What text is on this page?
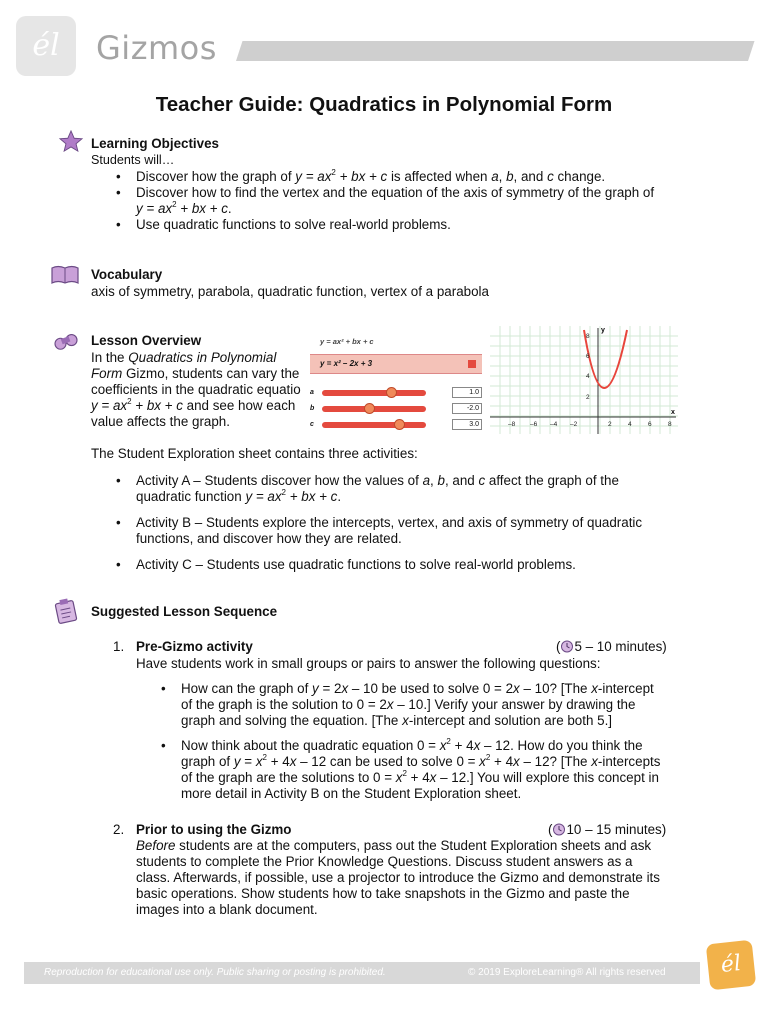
él	Gizmos
Teacher Guide: Quadratics in Polynomial Form
Learning Objectives
Students will…
• Discover how the graph of $y = ax^2$ + bx + c is affected when a, b, and c change.
• Discover how to find the vertex and the equation of the axis of symmetry of the graph of
$y = ax^2$ + bx + c.
• Use quadratic functions to solve real-world problems.
Vocabulary
axis of symmetry, parabola, quadratic function, vertex of a parabola
Lesson Overview
In the Quadratics in Polynomial
Form Gizmo, students can vary the
coefficients in the quadratic equatio
$y = ax^2$ + bx + c and see how each
value affects the graph.
y = ax² + bx + c
y = x² – 2x + 3
a	1.0
b	-2.0
c	3.0
y
x
8
6
4
2
–8 –6 –4 –2	2	4	6	8
The Student Exploration sheet contains three activities:
• Activity A – Students discover how the values of a, b, and c affect the graph of the
quadratic function $y = ax^2$ + bx + c.
• Activity B – Students explore the intercepts, vertex, and axis of symmetry of quadratic
functions, and discover how they are related.
• Activity C – Students use quadratic functions to solve real-world problems.
Suggested Lesson Sequence
1. Pre-Gizmo activity	( 5 – 10 minutes)
Have students work in small groups or pairs to answer the following questions:
• How can the graph of y = 2x – 10 be used to solve 0 = 2x – 10? [The x-intercept
of the graph is the solution to 0 = 2x – 10.] Verify your answer by drawing the
graph and solving the equation. [The x-intercept and solution are both 5.]
• Now think about the quadratic equation $0 = x^2 + 4x - 12$. How do you think the
graph of $y = x^2 + 4x - 12$ can be used to solve $0 = x^2 + 4x - 12$? [The x-intercepts
of the graph are the solutions to $0 = x^2 + 4x - 12$.] You will explore this concept in
more detail in Activity B on the Student Exploration sheet.
2. Prior to using the Gizmo	( 10 – 15 minutes)
Before students are at the computers, pass out the Student Exploration sheets and ask
students to complete the Prior Knowledge Questions. Discuss student answers as a
class. Afterwards, if possible, use a projector to introduce the Gizmo and demonstrate its
basic operations. Show students how to take snapshots in the Gizmo and paste the
images into a blank document.
Reproduction for educational use only. Public sharing or posting is prohibited.	© 2019 ExploreLearning® All rights reserved	él
